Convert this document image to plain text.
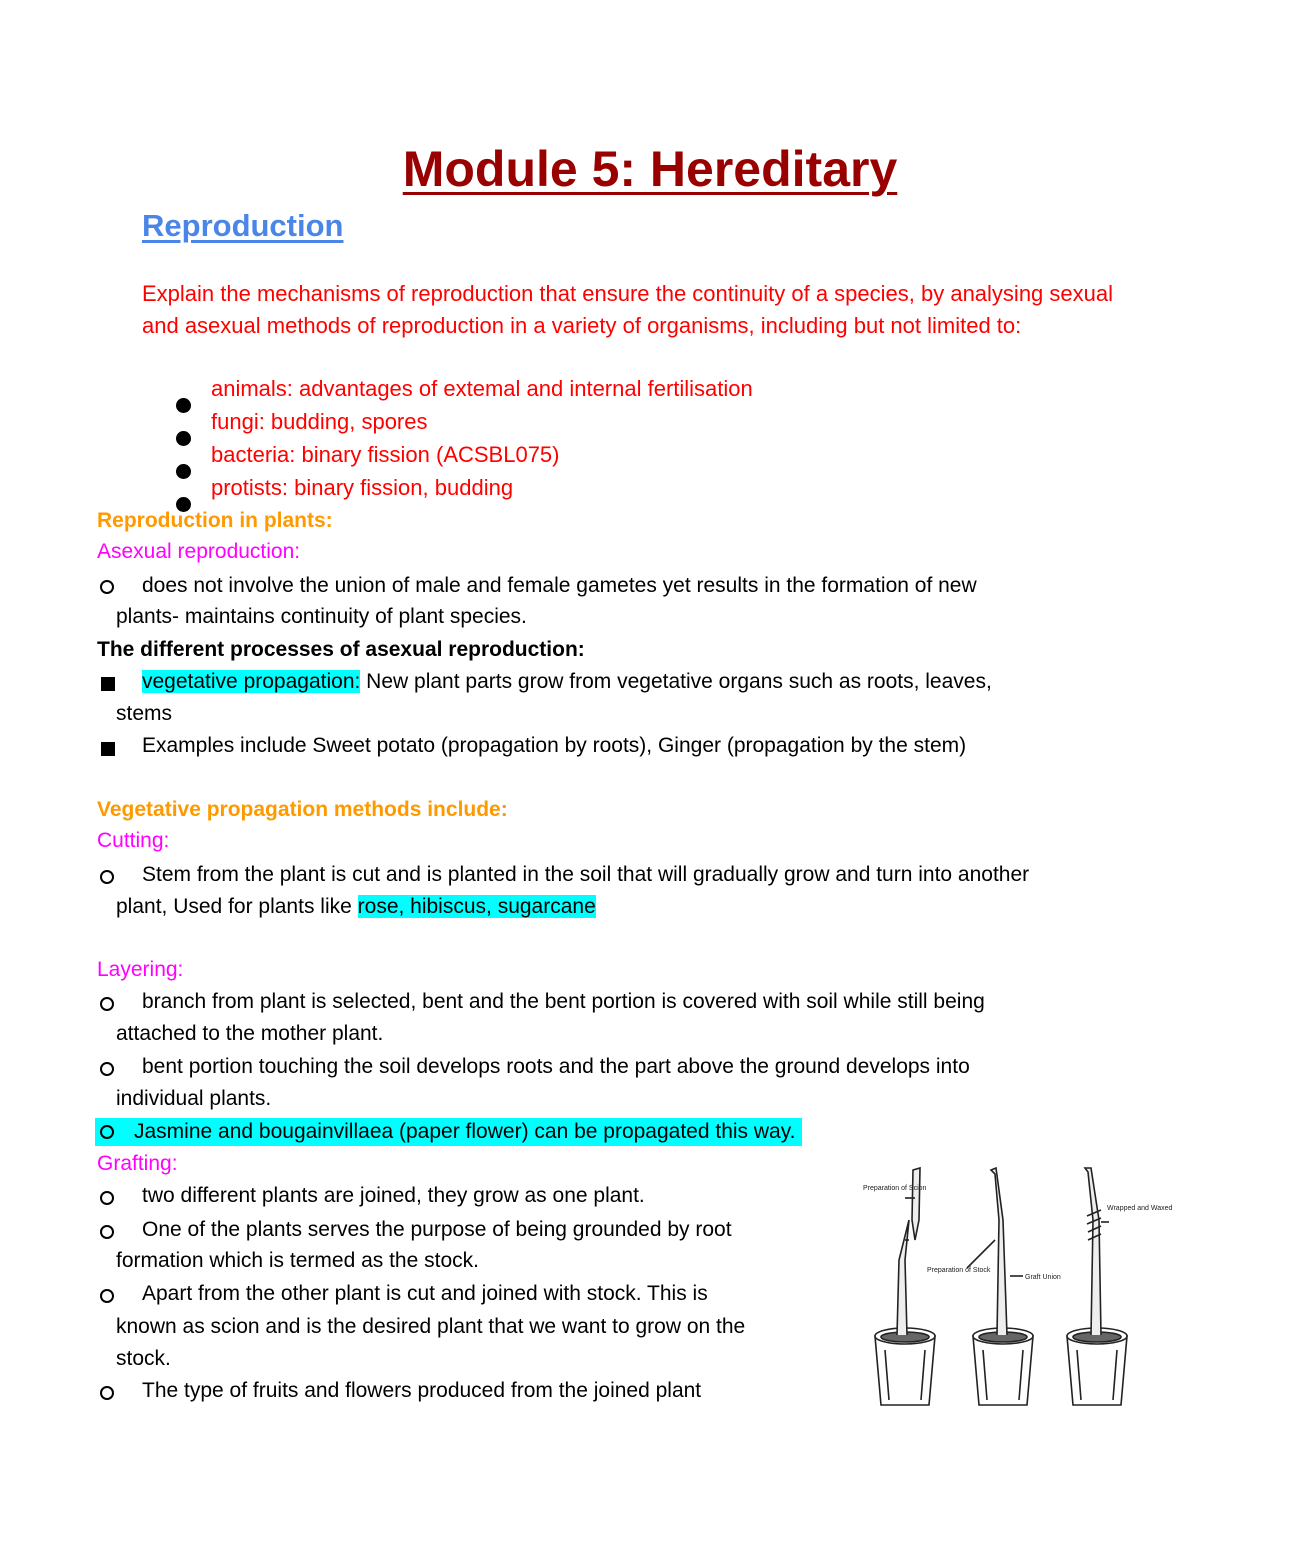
Module 5: Hereditary
Reproduction
Explain the mechanisms of reproduction that ensure the continuity of a species, by analysing sexual and asexual methods of reproduction in a variety of organisms, including but not limited to:
animals: advantages of extemal and internal fertilisation
fungi: budding, spores
bacteria: binary fission (ACSBL075)
protists: binary fission, budding
Reproduction in plants:
Asexual reproduction:
does not involve the union of male and female gametes yet results in the formation of new
plants- maintains continuity of plant species.
The different processes of asexual reproduction:
vegetative propagation: New plant parts grow from vegetative organs such as roots, leaves,
stems
Examples include Sweet potato (propagation by roots), Ginger (propagation by the stem)
Vegetative propagation methods include:
Cutting:
Stem from the plant is cut and is planted in the soil that will gradually grow and turn into another
plant, Used for plants like rose, hibiscus, sugarcane
Layering:
branch from plant is selected, bent and the bent portion is covered with soil while still being
attached to the mother plant.
bent portion touching the soil develops roots and the part above the ground develops into
individual plants.
Jasmine and bougainvillaea (paper flower) can be propagated this way.
Grafting:
two different plants are joined, they grow as one plant.
One of the plants serves the purpose of being grounded by root
formation which is termed as the stock.
Apart from the other plant is cut and joined with stock. This is
known as scion and is the desired plant that we want to grow on the
stock.
The type of fruits and flowers produced from the joined plant
Preparation of Scion
Preparation of Stock
Graft Union
Wrapped and Waxed
